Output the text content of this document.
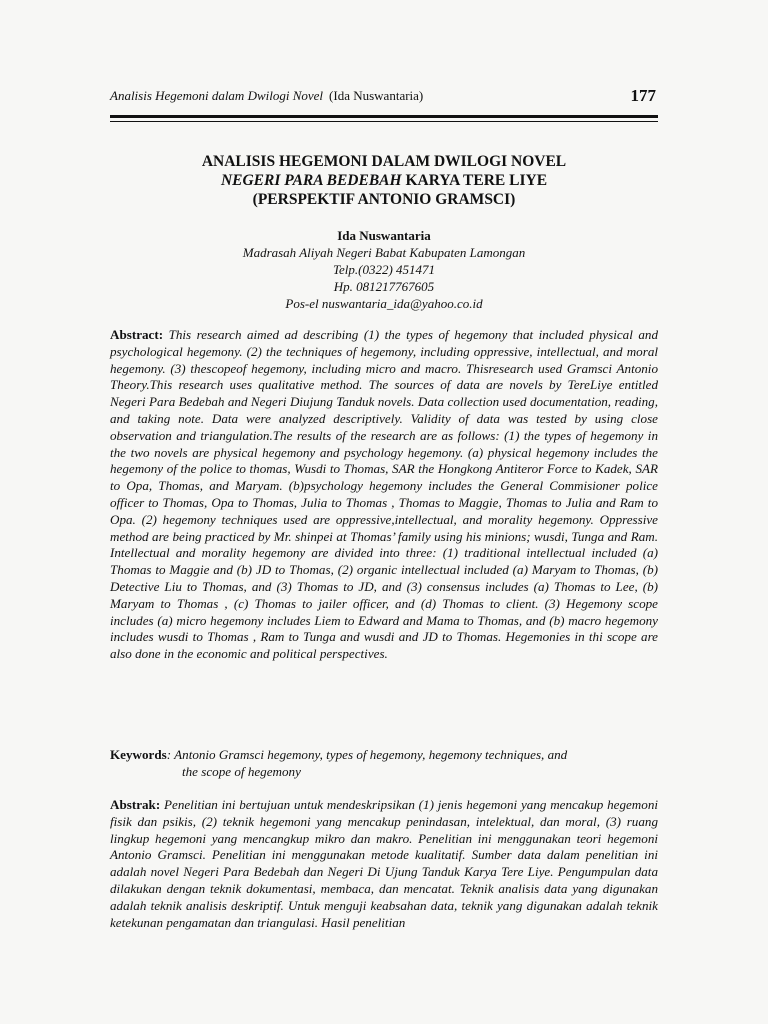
Analisis Hegemoni dalam Dwilogi Novel (Ida Nuswantaria)	177
ANALISIS HEGEMONI DALAM DWILOGI NOVEL
NEGERI PARA BEDEBAH KARYA TERE LIYE
(PERSPEKTIF ANTONIO GRAMSCI)
Ida Nuswantaria
Madrasah Aliyah Negeri Babat Kabupaten Lamongan
Telp.(0322) 451471
Hp. 081217767605
Pos-el nuswantaria_ida@yahoo.co.id
Abstract: This research aimed ad describing (1) the types of hegemony that included physical and psychological hegemony. (2) the techniques of hegemony, including oppressive, intellectual, and moral hegemony. (3) thescopeof hegemony, including micro and macro. Thisresearch used Gramsci Antonio Theory.This research uses qualitative method. The sources of data are novels by TereLiye entitled Negeri Para Bedebah and Negeri Diujung Tanduk novels. Data collection used documentation, reading, and taking note. Data were analyzed descriptively. Validity of data was tested by using close observation and triangulation.The results of the research are as follows: (1) the types of hegemony in the two novels are physical hegemony and psychology hegemony. (a) physical hegemony includes the hegemony of the police to thomas, Wusdi to Thomas, SAR the Hongkong Antiteror Force to Kadek, SAR to Opa, Thomas, and Maryam. (b)psychology hegemony includes the General Commisioner police officer to Thomas, Opa to Thomas, Julia to Thomas , Thomas to Maggie, Thomas to Julia and Ram to Opa. (2) hegemony techniques used are oppressive,intellectual, and morality hegemony. Oppressive method are being practiced by Mr. shinpei at Thomas’ family using his minions; wusdi, Tunga and Ram. Intellectual and morality hegemony are divided into three: (1) traditional intellectual included (a) Thomas to Maggie and (b) JD to Thomas, (2) organic intellectual included (a) Maryam to Thomas, (b) Detective Liu to Thomas, and (3) Thomas to JD, and (3) consensus includes (a) Thomas to Lee, (b) Maryam to Thomas , (c) Thomas to jailer officer, and (d) Thomas to client. (3) Hegemony scope includes (a) micro hegemony includes Liem to Edward and Mama to Thomas, and (b) macro hegemony includes wusdi to Thomas , Ram to Tunga and wusdi and JD to Thomas. Hegemonies in thi scope are also done in the economic and political perspectives.
Keywords: Antonio Gramsci hegemony, types of hegemony, hegemony techniques, and
the scope of hegemony
Abstrak: Penelitian ini bertujuan untuk mendeskripsikan (1) jenis hegemoni yang mencakup hegemoni fisik dan psikis, (2) teknik hegemoni yang mencakup penindasan, intelektual, dan moral, (3) ruang lingkup hegemoni yang mencangkup mikro dan makro. Penelitian ini menggunakan teori hegemoni Antonio Gramsci. Penelitian ini menggunakan metode kualitatif. Sumber data dalam penelitian ini adalah novel Negeri Para Bedebah dan Negeri Di Ujung Tanduk Karya Tere Liye. Pengumpulan data dilakukan dengan teknik dokumentasi, membaca, dan mencatat. Teknik analisis data yang digunakan adalah teknik analisis deskriptif. Untuk menguji keabsahan data, teknik yang digunakan adalah teknik ketekunan pengamatan dan triangulasi. Hasil penelitian
